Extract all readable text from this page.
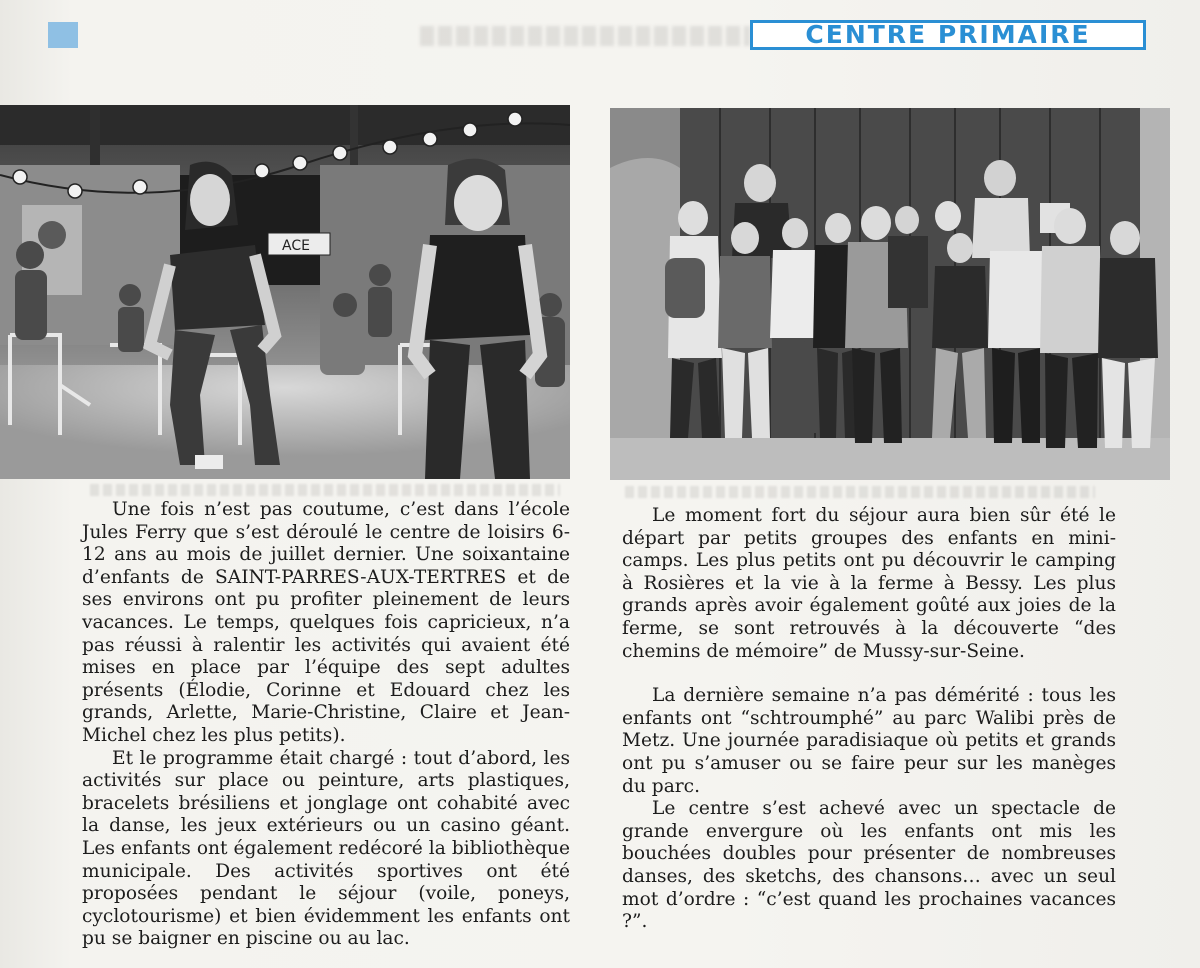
CENTRE PRIMAIRE
ACE

Une fois n’est pas coutume, c’est dans l’école Jules Ferry que s’est déroulé le centre de loisirs 6-12 ans au mois de juillet dernier. Une soixantaine d’enfants de SAINT-PARRES-AUX-TERTRES et de ses environs ont pu profiter pleinement de leurs vacances. Le temps, quelques fois capricieux, n’a pas réussi à ralentir les activités qui avaient été mises en place par l’équipe des sept adultes présents (Élodie, Corinne et Edouard chez les grands, Arlette, Marie-Christine, Claire et Jean-Michel chez les plus petits).

Et le programme était chargé : tout d’abord, les activités sur place ou peinture, arts plastiques, bracelets brésiliens et jonglage ont cohabité avec la danse, les jeux extérieurs ou un casino géant. Les enfants ont également redécoré la bibliothèque municipale. Des activités sportives ont été proposées pendant le séjour (voile, poneys, cyclotourisme) et bien évidemment les enfants ont pu se baigner en piscine ou au lac.

Le moment fort du séjour aura bien sûr été le départ par petits groupes des enfants en mini-camps. Les plus petits ont pu découvrir le camping à Rosières et la vie à la ferme à Bessy. Les plus grands après avoir également goûté aux joies de la ferme, se sont retrouvés à la découverte “des chemins de mémoire” de Mussy-sur-Seine.

La dernière semaine n’a pas démérité : tous les enfants ont “schtroumphé” au parc Walibi près de Metz. Une journée paradisiaque où petits et grands ont pu s’amuser ou se faire peur sur les manèges du parc.

Le centre s’est achevé avec un spectacle de grande envergure où les enfants ont mis les bouchées doubles pour présenter de nombreuses danses, des sketchs, des chansons… avec un seul mot d’ordre : “c’est quand les prochaines vacances ?”.
